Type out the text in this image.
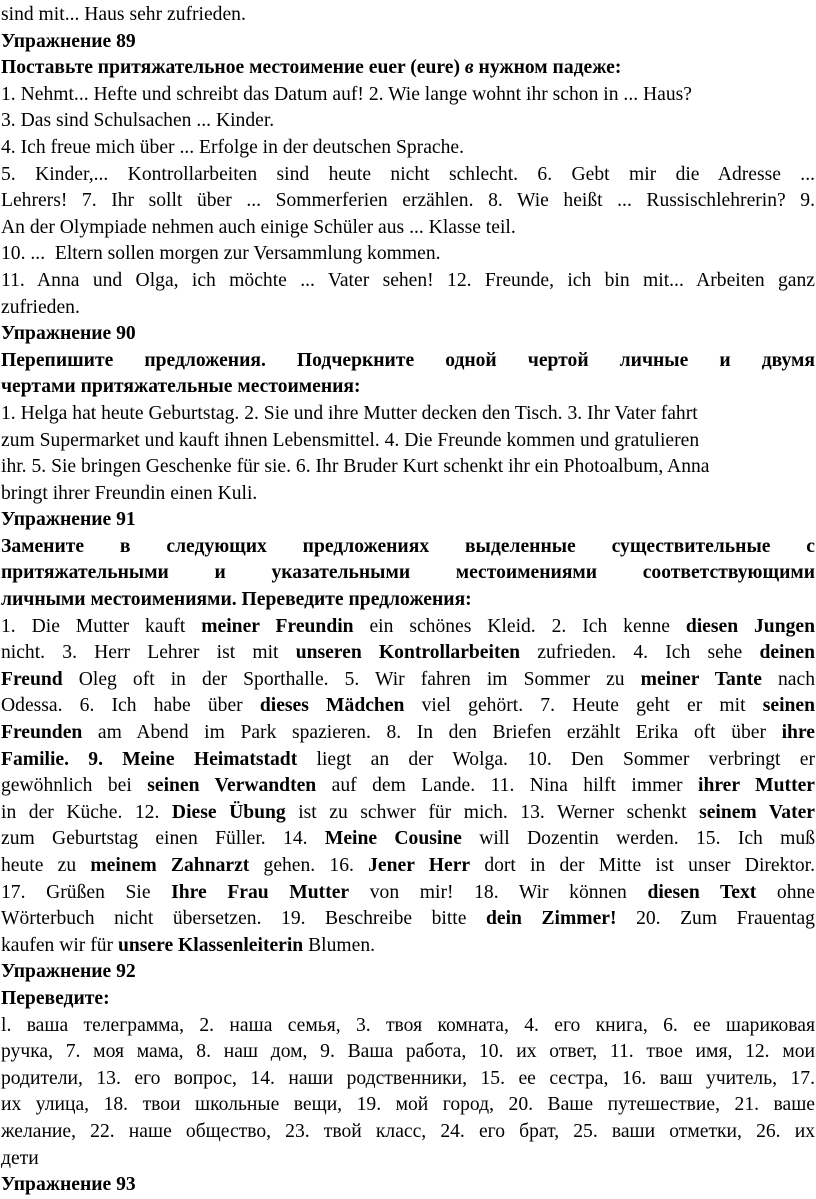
sind mit... Haus sehr zufrieden.
Упражнение 89
Поставьте притяжательное местоимение euer (eure) в нужном падеже:
1. Nehmt... Hefte und schreibt das Datum auf! 2. Wie lange wohnt ihr schon in ... Haus?
3. Das sind Schulsachen ... Kinder.
4. Ich freue mich über ... Erfolge in der deutschen Sprache.
5. Kinder,... Kontrollarbeiten sind heute nicht schlecht. 6. Gebt mir die Adresse ...
Lehrers! 7. Ihr sollt über ... Sommerferien erzählen. 8. Wie heißt ... Russischlehrerin? 9.
An der Olympiade nehmen auch einige Schüler aus ... Klasse teil.
10. ...  Eltern sollen morgen zur Versammlung kommen.
11. Anna und Olga, ich möchte ... Vater sehen! 12. Freunde, ich bin mit... Arbeiten ganz
zufrieden.
Упражнение 90
Перепишите предложения. Подчеркните одной чертой личные и двумя
чертами притяжательные местоимения:
1. Helga hat heute Geburtstag. 2. Sie und ihre Mutter decken den Tisch. 3. Ihr Vater fahrt
zum Supermarket und kauft ihnen Lebensmittel. 4. Die Freunde kommen und gratulieren
ihr. 5. Sie bringen Geschenke für sie. 6. Ihr Bruder Kurt schenkt ihr ein Photoalbum, Anna
bringt ihrer Freundin einen Kuli.
Упражнение 91
Замените в следующих предложениях выделенные существительные с
притяжательными и указательными местоимениями соответствующими
личными местоимениями. Переведите предложения:
1. Die Mutter kauft meiner Freundin ein schönes Kleid. 2. Ich kenne diesen Jungen
nicht. 3. Herr Lehrer ist mit unseren Kontrollarbeiten zufrieden. 4. Ich sehe deinen
Freund Oleg oft in der Sporthalle. 5. Wir fahren im Sommer zu meiner Tante nach
Odessa. 6. Ich habe über dieses Mädchen viel gehört. 7. Heute geht er mit seinen
Freunden am Abend im Park spazieren. 8. In den Briefen erzählt Erika oft über ihre
Familie. 9. Meine Heimatstadt liegt an der Wolga. 10. Den Sommer verbringt er
gewöhnlich bei seinen Verwandten auf dem Lande. 11. Nina hilft immer ihrer Mutter
in der Küche. 12. Diese Übung ist zu schwer für mich. 13. Werner schenkt seinem Vater
zum Geburtstag einen Füller. 14. Meine Cousine will Dozentin werden. 15. Ich muß
heute zu meinem Zahnarzt gehen. 16. Jener Herr dort in der Mitte ist unser Direktor.
17. Grüßen Sie Ihre Frau Mutter von mir! 18. Wir können diesen Text ohne
Wörterbuch nicht übersetzen. 19. Beschreibe bitte dein Zimmer! 20. Zum Frauentag
kaufen wir für unsere Klassenleiterin Blumen.
Упражнение 92
Переведите:
l. ваша телеграмма, 2. наша семья, 3. твоя комната, 4. его книга, 6. ее шариковая
ручка, 7. моя мама, 8. наш дом, 9. Ваша работа, 10. их ответ, 11. твое имя, 12. мои
родители, 13. его вопрос, 14. наши родственники, 15. ее сестра, 16. ваш учитель, 17.
их улица, 18. твои школьные вещи, 19. мой город, 20. Ваше путешествие, 21. ваше
желание, 22. наше общество, 23. твой класс, 24. его брат, 25. ваши отметки, 26. их
дети
Упражнение 93
